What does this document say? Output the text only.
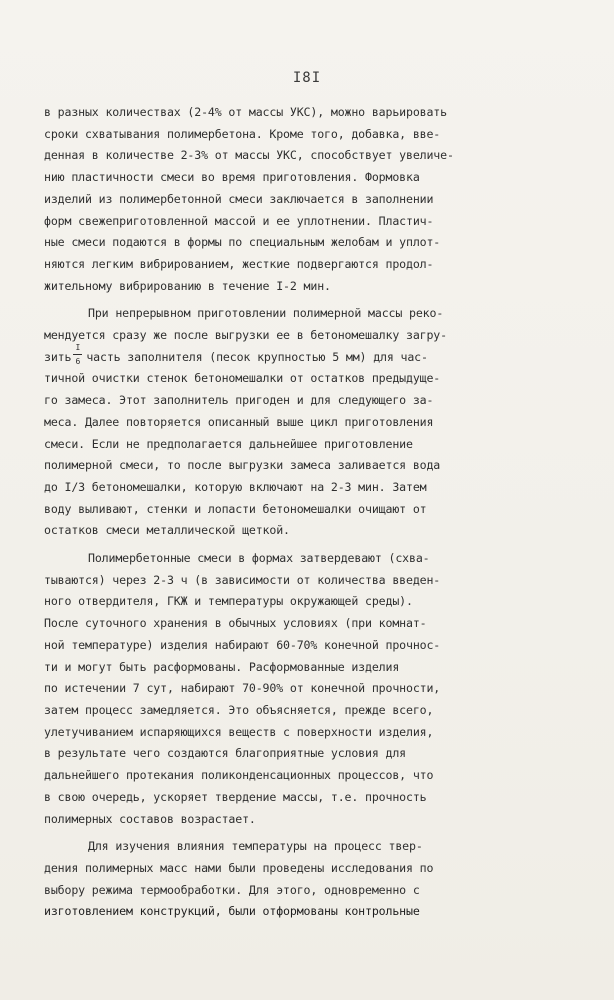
I8I
в разных количествах (2-4% от массы УКС), можно варьировать
сроки схватывания полимербетона. Кроме того, добавка, вве-
денная в количестве 2-3% от массы УКС, способствует увеличе-
нию пластичности смеси во время приготовления. Формовка
изделий из полимербетонной смеси заключается в заполнении
форм свежеприготовленной массой и ее уплотнении. Пластич-
ные смеси подаются в формы по специальным желобам и уплот-
няются легким вибрированием, жесткие подвергаются продол-
жительному вибрированию в течение I-2 мин.
При непрерывном приготовлении полимерной массы реко-
мендуется сразу же после выгрузки ее в бетономешалку загру-
зить $\frac{I}{6}$ часть заполнителя (песок крупностью 5 мм) для час-
тичной очистки стенок бетономешалки от остатков предыдуще-
го замеса. Этот заполнитель пригоден и для следующего за-
меса. Далее повторяется описанный выше цикл приготовления
смеси. Если не предполагается дальнейшее приготовление
полимерной смеси, то после выгрузки замеса заливается вода
до I/3 бетономешалки, которую включают на 2-3 мин. Затем
воду выливают, стенки и лопасти бетономешалки очищают от
остатков смеси металлической щеткой.
Полимербетонные смеси в формах затвердевают (схва-
тываются) через 2-3 ч (в зависимости от количества введен-
ного отвердителя, ГКЖ и температуры окружающей среды).
После суточного хранения в обычных условиях (при комнат-
ной температуре) изделия набирают 60-70% конечной прочнос-
ти и могут быть расформованы. Расформованные изделия
по истечении 7 сут, набирают 70-90% от конечной прочности,
затем процесс замедляется. Это объясняется, прежде всего,
улетучиванием испаряющихся веществ с поверхности изделия,
в результате чего создаются благоприятные условия для
дальнейшего протекания поликонденсационных процессов, что
в свою очередь, ускоряет твердение массы, т.е. прочность
полимерных составов возрастает.
Для изучения влияния температуры на процесс твер-
дения полимерных масс нами были проведены исследования по
выбору режима термообработки. Для этого, одновременно с
изготовлением конструкций, были отформованы контрольные
